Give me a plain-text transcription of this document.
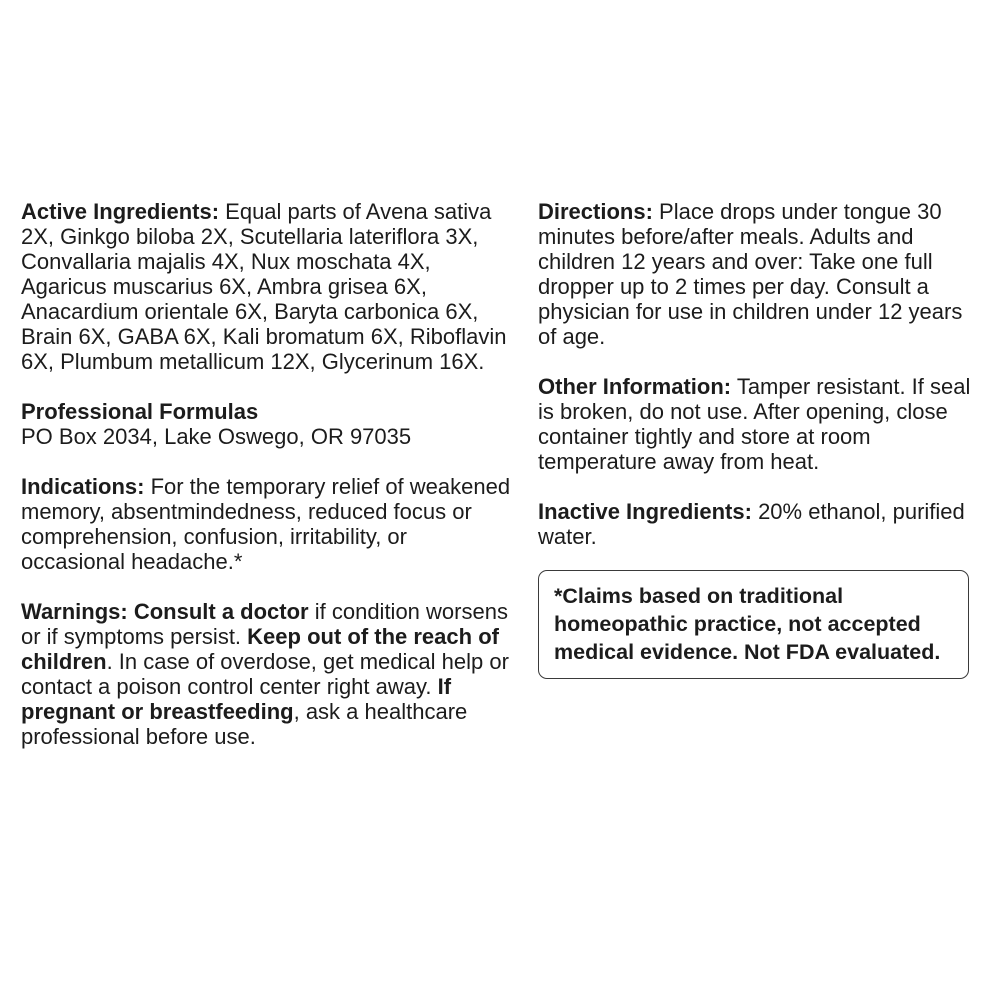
Active Ingredients: Equal parts of Avena sativa 2X, Ginkgo biloba 2X, Scutellaria lateriflora 3X, Convallaria majalis 4X, Nux moschata 4X, Agaricus muscarius 6X, Ambra grisea 6X, Anacardium orientale 6X, Baryta carbonica 6X, Brain 6X, GABA 6X, Kali bromatum 6X, Riboflavin 6X, Plumbum metallicum 12X, Glycerinum 16X.

Professional Formulas

PO Box 2034, Lake Oswego, OR 97035

Indications: For the temporary relief of weakened memory, absentmindedness, reduced focus or comprehension, confusion, irritability, or occasional headache.*

Warnings: Consult a doctor if condition worsens or if symptoms persist. Keep out of the reach of children. In case of overdose, get medical help or contact a poison control center right away. If pregnant or breastfeeding, ask a healthcare professional before use.

Directions: Place drops under tongue 30 minutes before/after meals. Adults and children 12 years and over: Take one full dropper up to 2 times per day. Consult a physician for use in children under 12 years of age.

Other Information: Tamper resistant. If seal is broken, do not use. After opening, close container tightly and store at room temperature away from heat.

Inactive Ingredients: 20% ethanol, purified water.

*Claims based on traditional homeopathic practice, not accepted medical evidence. Not FDA evaluated.
